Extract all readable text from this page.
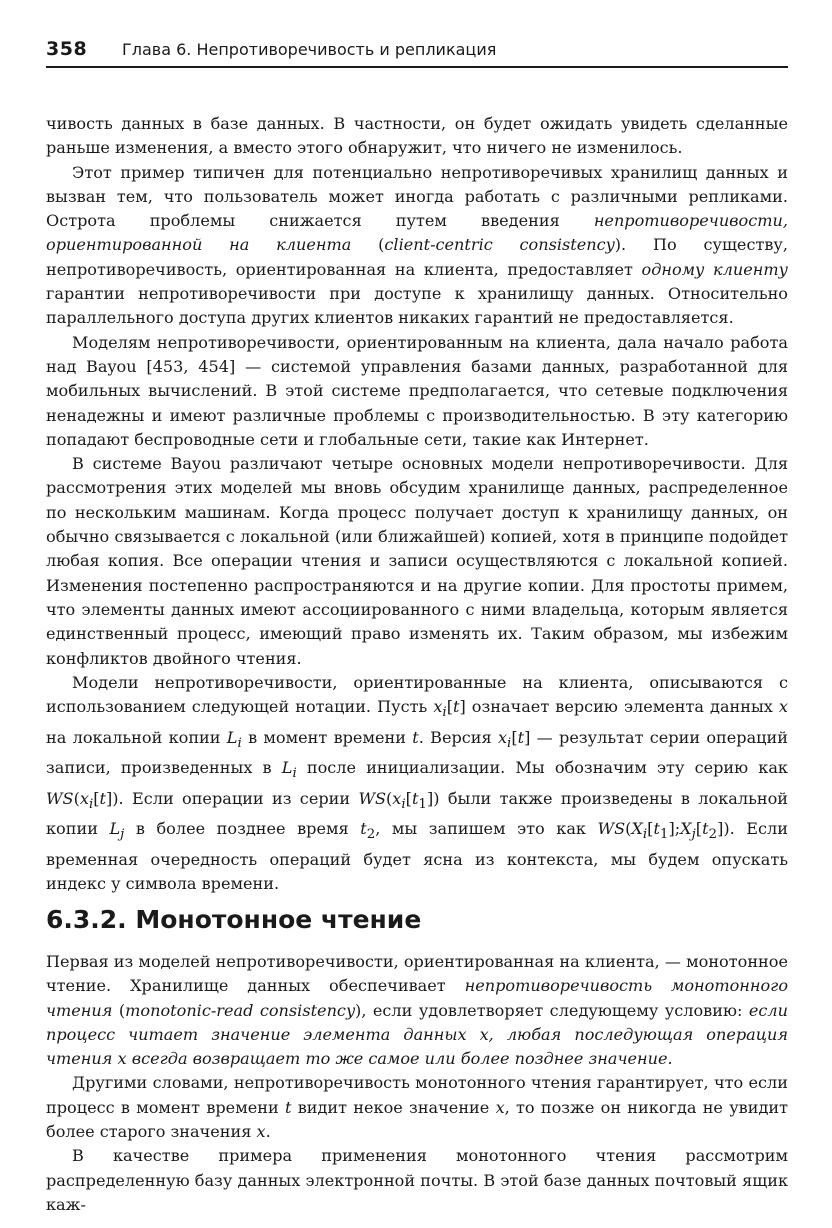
358 Глава 6. Непротиворечивость и репликация

чивость данных в базе данных. В частности, он будет ожидать увидеть сделанные раньше изменения, а вместо этого обнаружит, что ничего не изменилось.

Этот пример типичен для потенциально непротиворечивых хранилищ данных и вызван тем, что пользователь может иногда работать с различными репликами. Острота проблемы снижается путем введения непротиворечивости, ориентированной на клиента (client-centric consistency). По существу, непротиворечивость, ориентированная на клиента, предоставляет одному клиенту гарантии непротиворечивости при доступе к хранилищу данных. Относительно параллельного доступа других клиентов никаких гарантий не предоставляется.

Моделям непротиворечивости, ориентированным на клиента, дала начало работа над Bayou [453, 454] — системой управления базами данных, разработанной для мобильных вычислений. В этой системе предполагается, что сетевые подключения ненадежны и имеют различные проблемы с производительностью. В эту категорию попадают беспроводные сети и глобальные сети, такие как Интернет.

В системе Bayou различают четыре основных модели непротиворечивости. Для рассмотрения этих моделей мы вновь обсудим хранилище данных, распределенное по нескольким машинам. Когда процесс получает доступ к хранилищу данных, он обычно связывается с локальной (или ближайшей) копией, хотя в принципе подойдет любая копия. Все операции чтения и записи осуществляются с локальной копией. Изменения постепенно распространяются и на другие копии. Для простоты примем, что элементы данных имеют ассоциированного с ними владельца, которым является единственный процесс, имеющий право изменять их. Таким образом, мы избежим конфликтов двойного чтения.

Модели непротиворечивости, ориентированные на клиента, описываются с использованием следующей нотации. Пусть $x_i[t]$ означает версию элемента данных x на локальной копии $L_i$ в момент времени t. Версия $x_i[t]$ — результат серии операций записи, произведенных в $L_i$ после инициализации. Мы обозначим эту серию как $WS(x_i[t])$. Если операции из серии $WS(x_i[t_1])$ были также произведены в локальной копии $L_j$ в более позднее время $t_2$, мы запишем это как $WS(X_i[t_1];X_j[t_2])$. Если временная очередность операций будет ясна из контекста, мы будем опускать индекс у символа времени.

6.3.2. Монотонное чтение

Первая из моделей непротиворечивости, ориентированная на клиента, — монотонное чтение. Хранилище данных обеспечивает непротиворечивость монотонного чтения (monotonic-read consistency), если удовлетворяет следующему условию: если процесс читает значение элемента данных x, любая последующая операция чтения x всегда возвращает то же самое или более позднее значение.

Другими словами, непротиворечивость монотонного чтения гарантирует, что если процесс в момент времени t видит некое значение x, то позже он никогда не увидит более старого значения x.

В качестве примера применения монотонного чтения рассмотрим распределенную базу данных электронной почты. В этой базе данных почтовый ящик каж-
